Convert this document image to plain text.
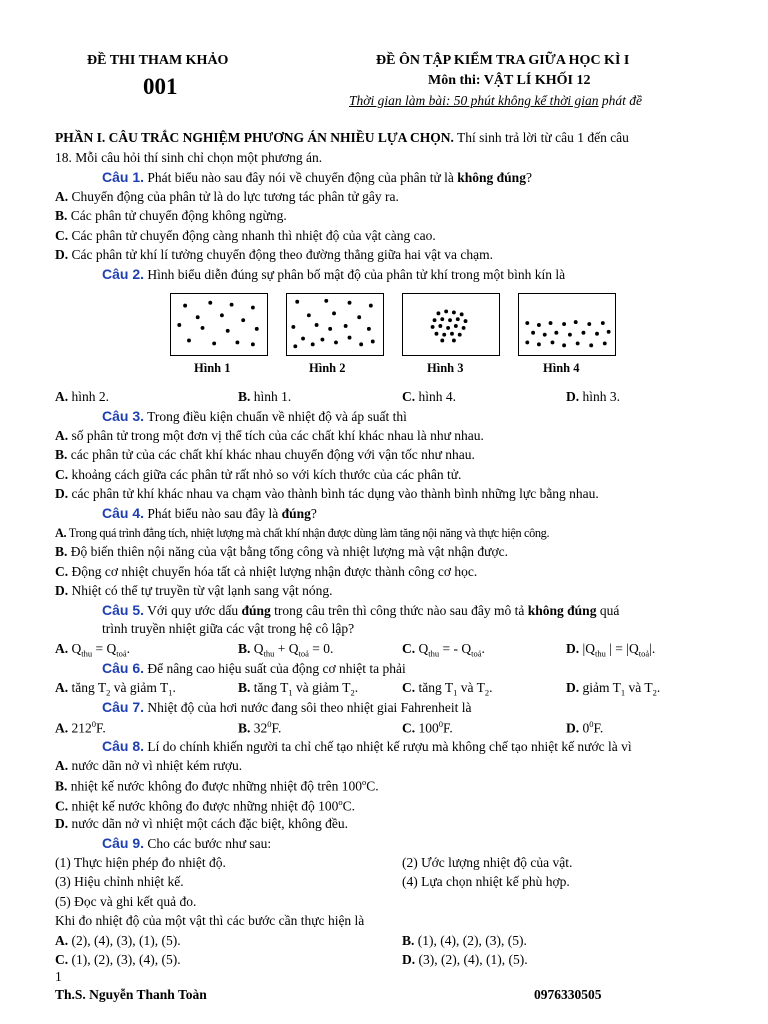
ĐỀ THI THAM KHẢO
001
ĐỀ ÔN TẬP KIỂM TRA GIỮA HỌC KÌ I
Môn thi: VẬT LÍ KHỐI 12
Thời gian làm bài: 50 phút không kể thời gian phát đề
PHẦN I. CÂU TRẮC NGHIỆM PHƯƠNG ÁN NHIỀU LỰA CHỌN. Thí sinh trả lời từ câu 1 đến câu
18. Mỗi câu hỏi thí sinh chỉ chọn một phương án.
Câu 1. Phát biểu nào sau đây nói về chuyển động của phân tử là không đúng?
A. Chuyển động của phân tử là do lực tương tác phân tử gây ra.
B. Các phân tử chuyển động không ngừng.
C. Các phân tử chuyển động càng nhanh thì nhiệt độ của vật càng cao.
D. Các phân tử khí lí tưởng chuyển động theo đường thẳng giữa hai vật va chạm.
Câu 2. Hình biểu diễn đúng sự phân bố mật độ của phân tử khí trong một bình kín là
Hình 1	Hình 2	Hình 3	Hình 4
A. hình 2.	B. hình 1.	C. hình 4.	D. hình 3.
Câu 3. Trong điều kiện chuẩn về nhiệt độ và áp suất thì
A. số phân tử trong một đơn vị thể tích của các chất khí khác nhau là như nhau.
B. các phân tử của các chất khí khác nhau chuyển động với vận tốc như nhau.
C. khoảng cách giữa các phân tử rất nhỏ so với kích thước của các phân tử.
D. các phân tử khí khác nhau va chạm vào thành bình tác dụng vào thành bình những lực bằng nhau.
Câu 4. Phát biểu nào sau đây là đúng?
A. Trong quá trình đẳng tích, nhiệt lượng mà chất khí nhận được dùng làm tăng nội năng và thực hiện công.
B. Độ biến thiên nội năng của vật bằng tổng công và nhiệt lượng mà vật nhận được.
C. Động cơ nhiệt chuyển hóa tất cả nhiệt lượng nhận được thành công cơ học.
D. Nhiệt có thể tự truyền từ vật lạnh sang vật nóng.
Câu 5. Với quy ước dấu đúng trong câu trên thì công thức nào sau đây mô tả không đúng quá
trình truyền nhiệt giữa các vật trong hệ cô lập?
A. $Q_{thu} = Q_{toả}$.	B. $Q_{thu} + Q_{toả} = 0$.	C. $Q_{thu}$ = - $Q_{toả}$.	D. $|Q_{thu}$ | = $|Q_{toả}|$.
Câu 6. Để nâng cao hiệu suất của động cơ nhiệt ta phải
A. tăng $T_2$ và giảm $T_1$.	B. tăng $T_1$ và giảm $T_2$.	C. tăng $T_1$ và $T_2$.	D. giảm $T_1$ và $T_2$.
Câu 7. Nhiệt độ của hơi nước đang sôi theo nhiệt giai Fahrenheit là
A. $212^0F$.	B. $32^0F$.	C. $100^0F$.	D. $0^0F$.
Câu 8. Lí do chính khiến người ta chỉ chế tạo nhiệt kế rượu mà không chế tạo nhiệt kế nước là vì
A. nước dãn nở vì nhiệt kém rượu.
B. nhiệt kế nước không đo được những nhiệt độ trên 100$^o$C.
C. nhiệt kế nước không đo được những nhiệt độ 100$^o$C.
D. nước dãn nở vì nhiệt một cách đặc biệt, không đều.
Câu 9. Cho các bước như sau:
(1) Thực hiện phép đo nhiệt độ.	(2) Ước lượng nhiệt độ của vật.
(3) Hiệu chỉnh nhiệt kế.	(4) Lựa chọn nhiệt kế phù hợp.
(5) Đọc và ghi kết quả đo.
Khi đo nhiệt độ của một vật thì các bước cần thực hiện là
A. (2), (4), (3), (1), (5).	B. (1), (4), (2), (3), (5).
C. (1), (2), (3), (4), (5).	D. (3), (2), (4), (1), (5).
1
Th.S. Nguyễn Thanh Toàn	0976330505
